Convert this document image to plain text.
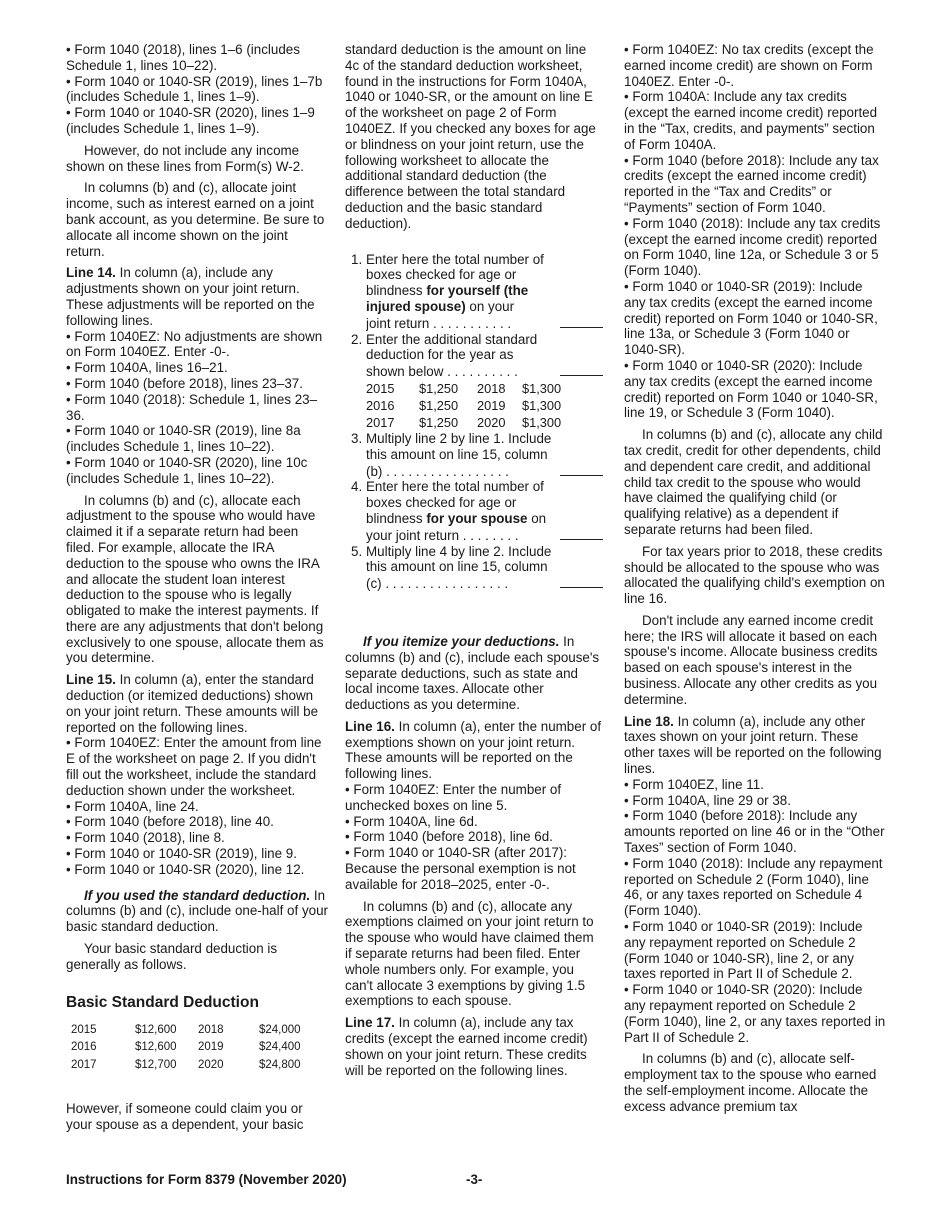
• Form 1040 (2018), lines 1–6 (includes Schedule 1, lines 10–22).
• Form 1040 or 1040-SR (2019), lines 1–7b (includes Schedule 1, lines 1–9).
• Form 1040 or 1040-SR (2020), lines 1–9 (includes Schedule 1, lines 1–9).

However, do not include any income shown on these lines from Form(s) W-2.

In columns (b) and (c), allocate joint income, such as interest earned on a joint bank account, as you determine. Be sure to allocate all income shown on the joint return.

Line 14. In column (a), include any adjustments shown on your joint return. These adjustments will be reported on the following lines.

• Form 1040EZ: No adjustments are shown on Form 1040EZ. Enter -0-.
• Form 1040A, lines 16–21.
• Form 1040 (before 2018), lines 23–37.
• Form 1040 (2018): Schedule 1, lines 23–36.
• Form 1040 or 1040-SR (2019), line 8a (includes Schedule 1, lines 10–22).
• Form 1040 or 1040-SR (2020), line 10c (includes Schedule 1, lines 10–22).

In columns (b) and (c), allocate each adjustment to the spouse who would have claimed it if a separate return had been filed. For example, allocate the IRA deduction to the spouse who owns the IRA and allocate the student loan interest deduction to the spouse who is legally obligated to make the interest payments. If there are any adjustments that don't belong exclusively to one spouse, allocate them as you determine.

Line 15. In column (a), enter the standard deduction (or itemized deductions) shown on your joint return. These amounts will be reported on the following lines.

• Form 1040EZ: Enter the amount from line E of the worksheet on page 2. If you didn't fill out the worksheet, include the standard deduction shown under the worksheet.
• Form 1040A, line 24.
• Form 1040 (before 2018), line 40.
• Form 1040 (2018), line 8.
• Form 1040 or 1040-SR (2019), line 9.
• Form 1040 or 1040-SR (2020), line 12.

If you used the standard deduction. In columns (b) and (c), include one-half of your basic standard deduction.

Your basic standard deduction is generally as follows.

Basic Standard Deduction
2015	$12,600	2018	$24,000
2016	$12,600	2019	$24,400
2017	$12,700	2020	$24,800

However, if someone could claim you or your spouse as a dependent, your basic

standard deduction is the amount on line 4c of the standard deduction worksheet, found in the instructions for Form 1040A, 1040 or 1040-SR, or the amount on line E of the worksheet on page 2 of Form 1040EZ. If you checked any boxes for age or blindness on your joint return, use the following worksheet to allocate the additional standard deduction (the difference between the total standard deduction and the basic standard deduction).

1. Enter here the total number of
boxes checked for age or
blindness for yourself (the
injured spouse) on your
joint return . . . . . . . . . . .
2. Enter the additional standard
deduction for the year as
shown below . . . . . . . . . .
2015	$1,250	2018	$1,300
2016	$1,250	2019	$1,300
2017	$1,250	2020	$1,300
3. Multiply line 2 by line 1. Include
this amount on line 15, column
(b) . . . . . . . . . . . . . . . . .
4. Enter here the total number of
boxes checked for age or
blindness for your spouse on
your joint return . . . . . . . .
5. Multiply line 4 by line 2. Include
this amount on line 15, column
(c) . . . . . . . . . . . . . . . . .

If you itemize your deductions. In columns (b) and (c), include each spouse's separate deductions, such as state and local income taxes. Allocate other deductions as you determine.

Line 16. In column (a), enter the number of exemptions shown on your joint return. These amounts will be reported on the following lines.

• Form 1040EZ: Enter the number of unchecked boxes on line 5.
• Form 1040A, line 6d.
• Form 1040 (before 2018), line 6d.
• Form 1040 or 1040-SR (after 2017): Because the personal exemption is not available for 2018–2025, enter -0-.

In columns (b) and (c), allocate any exemptions claimed on your joint return to the spouse who would have claimed them if separate returns had been filed. Enter whole numbers only. For example, you can't allocate 3 exemptions by giving 1.5 exemptions to each spouse.

Line 17. In column (a), include any tax credits (except the earned income credit) shown on your joint return. These credits will be reported on the following lines.

• Form 1040EZ: No tax credits (except the earned income credit) are shown on Form 1040EZ. Enter -0-.
• Form 1040A: Include any tax credits (except the earned income credit) reported in the “Tax, credits, and payments” section of Form 1040A.
• Form 1040 (before 2018): Include any tax credits (except the earned income credit) reported in the “Tax and Credits” or “Payments” section of Form 1040.
• Form 1040 (2018): Include any tax credits (except the earned income credit) reported on Form 1040, line 12a, or Schedule 3 or 5 (Form 1040).
• Form 1040 or 1040-SR (2019): Include any tax credits (except the earned income credit) reported on Form 1040 or 1040-SR, line 13a, or Schedule 3 (Form 1040 or 1040-SR).
• Form 1040 or 1040-SR (2020): Include any tax credits (except the earned income credit) reported on Form 1040 or 1040-SR, line 19, or Schedule 3 (Form 1040).

In columns (b) and (c), allocate any child tax credit, credit for other dependents, child and dependent care credit, and additional child tax credit to the spouse who would have claimed the qualifying child (or qualifying relative) as a dependent if separate returns had been filed.

For tax years prior to 2018, these credits should be allocated to the spouse who was allocated the qualifying child's exemption on line 16.

Don't include any earned income credit here; the IRS will allocate it based on each spouse's income. Allocate business credits based on each spouse's interest in the business. Allocate any other credits as you determine.

Line 18. In column (a), include any other taxes shown on your joint return. These other taxes will be reported on the following lines.

• Form 1040EZ, line 11.
• Form 1040A, line 29 or 38.
• Form 1040 (before 2018): Include any amounts reported on line 46 or in the “Other Taxes” section of Form 1040.
• Form 1040 (2018): Include any repayment reported on Schedule 2 (Form 1040), line 46, or any taxes reported on Schedule 4 (Form 1040).
• Form 1040 or 1040-SR (2019): Include any repayment reported on Schedule 2 (Form 1040 or 1040-SR), line 2, or any taxes reported in Part II of Schedule 2.
• Form 1040 or 1040-SR (2020): Include any repayment reported on Schedule 2 (Form 1040), line 2, or any taxes reported in Part II of Schedule 2.

In columns (b) and (c), allocate self-employment tax to the spouse who earned the self-employment income. Allocate the excess advance premium tax

Instructions for Form 8379 (November 2020)	-3-
